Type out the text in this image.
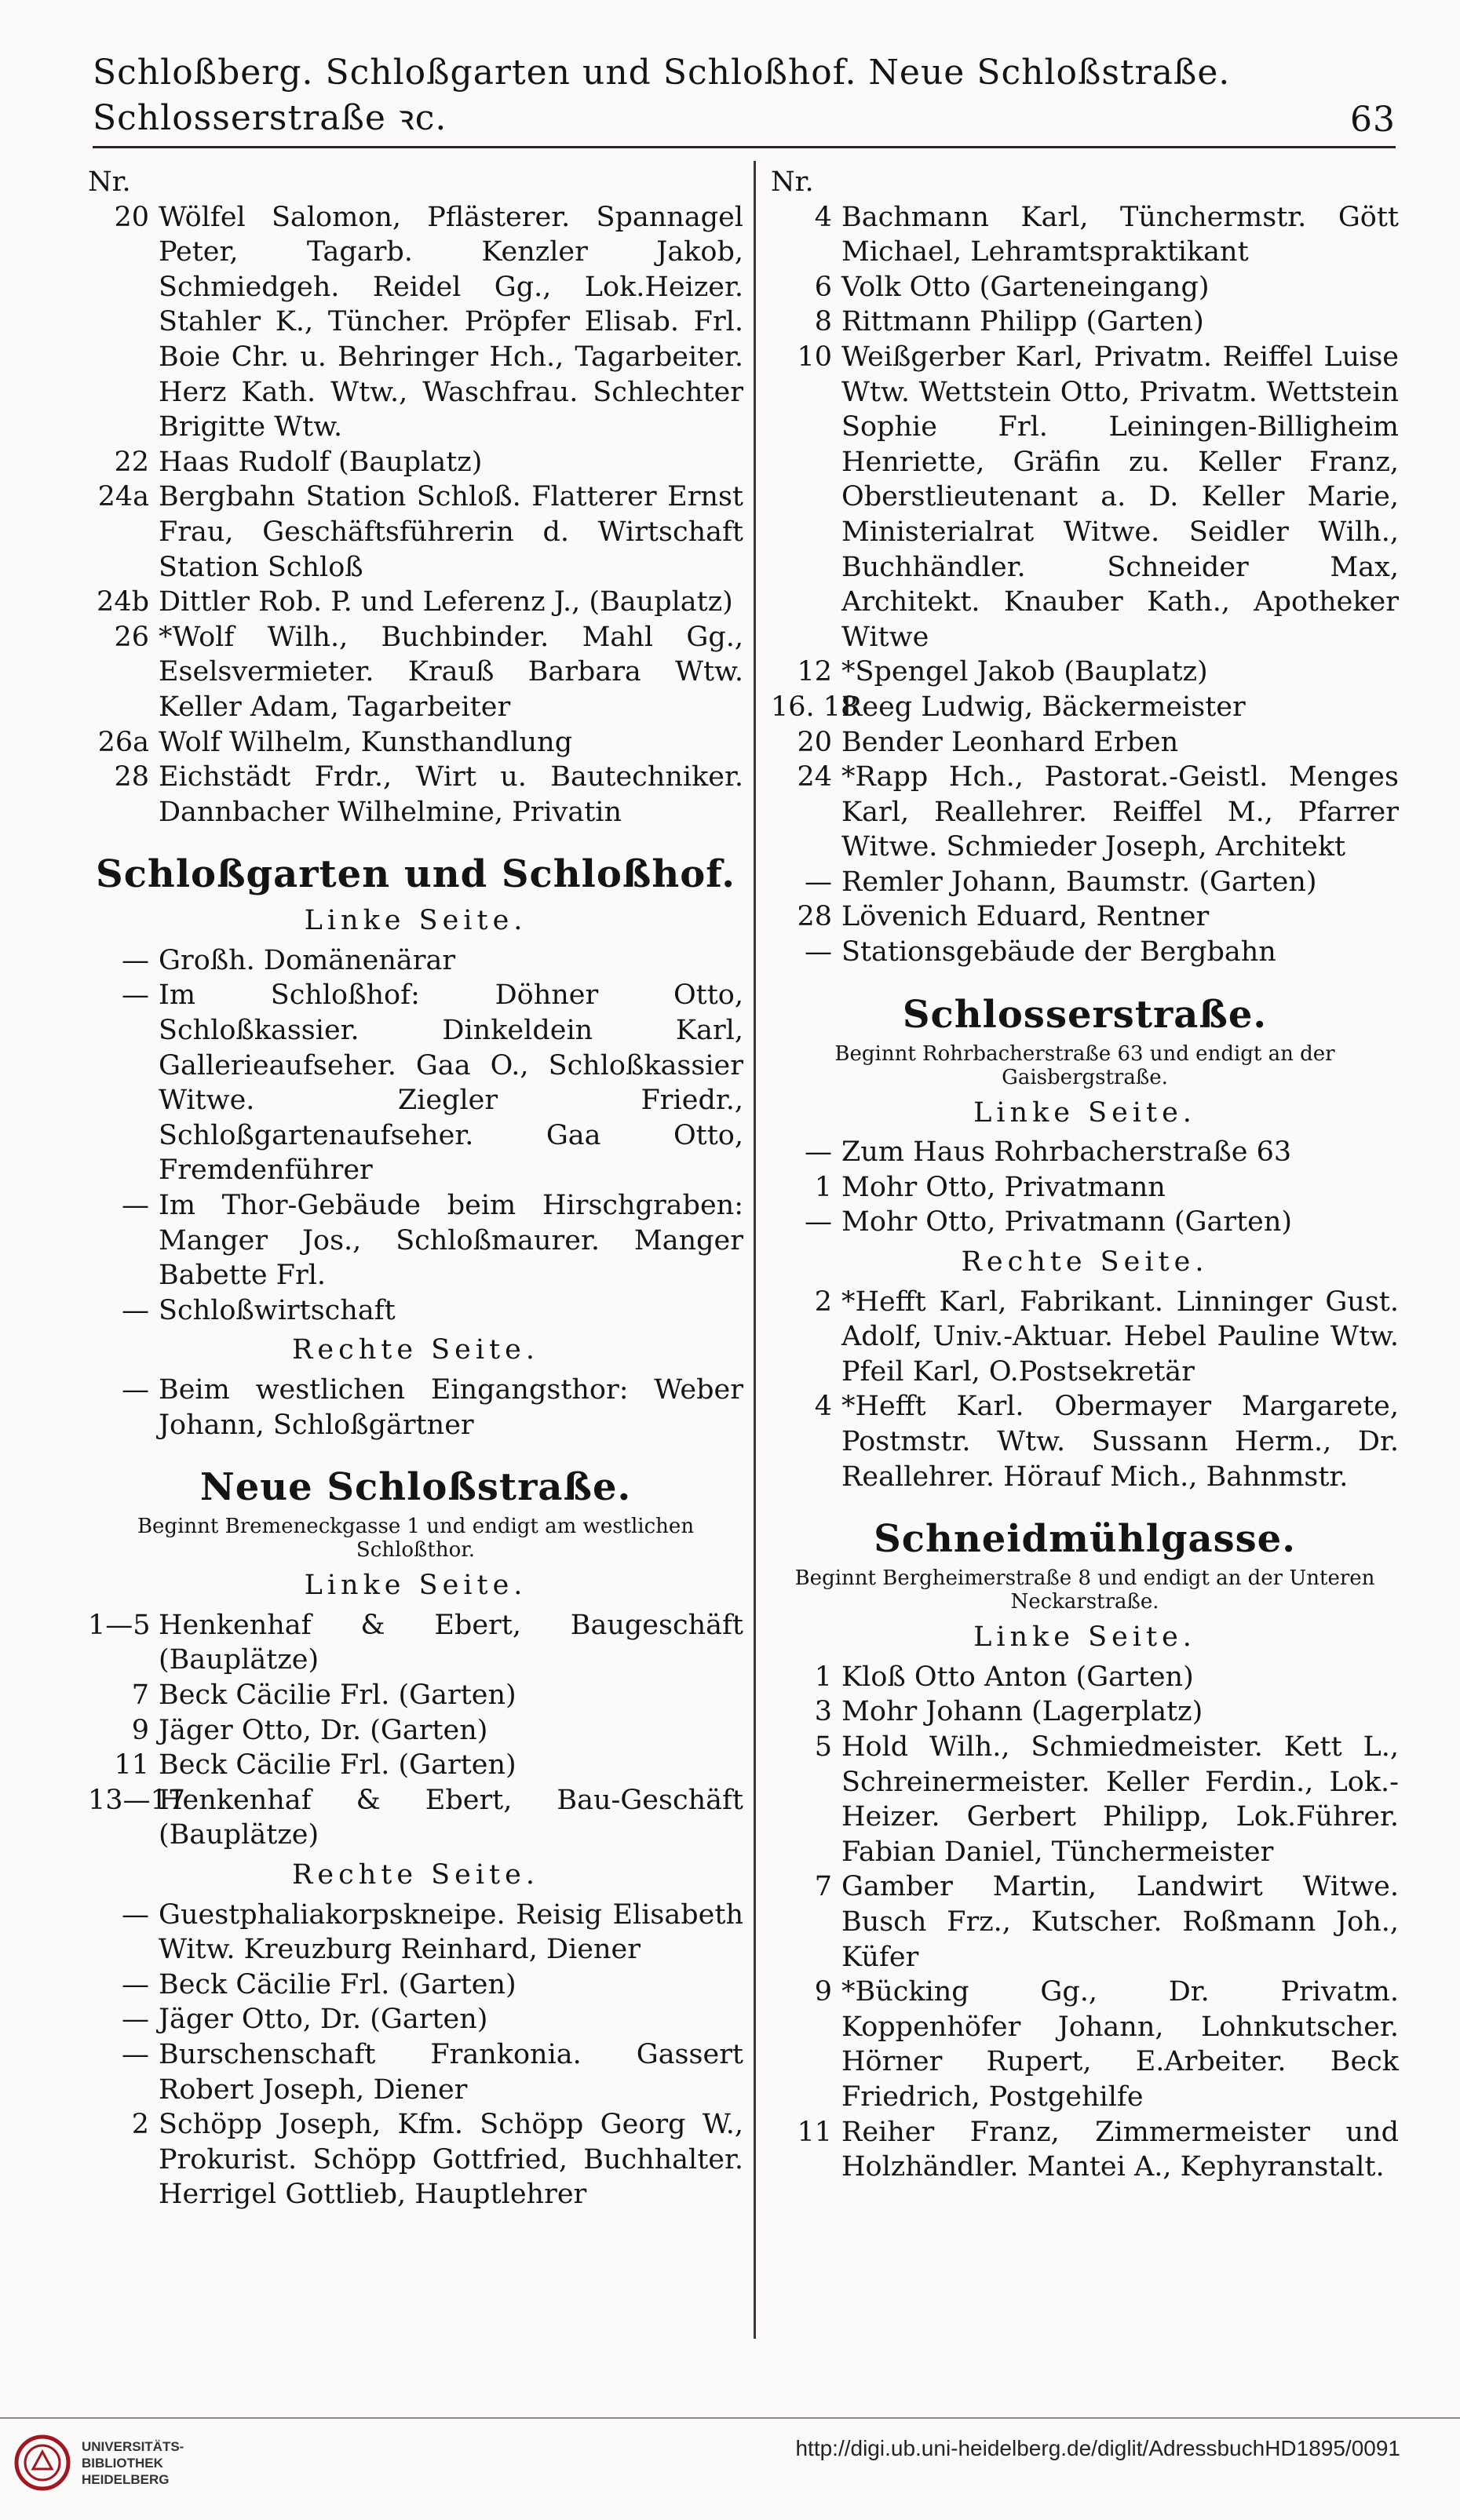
Schloßberg. Schloßgarten und Schloßhof. Neue Schloßstraße. Schlosserstraße ꝛc.	63
Nr.
20 Wölfel Salomon, Pflästerer. Spannagel Peter, Tagarb. Kenzler Jakob, Schmiedgeh. Reidel Gg., Lok.Heizer. Stahler K., Tüncher. Pröpfer Elisab. Frl. Boie Chr. u. Behringer Hch., Tagarbeiter. Herz Kath. Wtw., Waschfrau. Schlechter Brigitte Wtw.
22 Haas Rudolf (Bauplatz)
24a Bergbahn Station Schloß. Flatterer Ernst Frau, Geschäftsführerin d. Wirtschaft Station Schloß
24b Dittler Rob. P. und Leferenz J., (Bauplatz)
26 *Wolf Wilh., Buchbinder. Mahl Gg., Eselsvermieter. Krauß Barbara Wtw. Keller Adam, Tagarbeiter
26a Wolf Wilhelm, Kunsthandlung
28 Eichstädt Frdr., Wirt u. Bautechniker. Dannbacher Wilhelmine, Privatin
Schloßgarten und Schloßhof.
Linke Seite.
— Großh. Domänenärar
— Im Schloßhof: Döhner Otto, Schloßkassier. Dinkeldein Karl, Gallerieaufseher. Gaa O., Schloßkassier Witwe. Ziegler Friedr., Schloßgartenaufseher. Gaa Otto, Fremdenführer
— Im Thor-Gebäude beim Hirschgraben: Manger Jos., Schloßmaurer. Manger Babette Frl.
— Schloßwirtschaft
Rechte Seite.
— Beim westlichen Eingangsthor: Weber Johann, Schloßgärtner
Neue Schloßstraße.
Beginnt Bremeneckgasse 1 und endigt am westlichen Schloßthor.
Linke Seite.
1—5 Henkenhaf & Ebert, Baugeschäft (Bauplätze)
7 Beck Cäcilie Frl. (Garten)
9 Jäger Otto, Dr. (Garten)
11 Beck Cäcilie Frl. (Garten)
13—17
Henkenhaf & Ebert, Bau-Geschäft (Bauplätze)
Rechte Seite.
— Guestphaliakorpskneipe. Reisig Elisabeth Witw. Kreuzburg Reinhard, Diener
— Beck Cäcilie Frl. (Garten)
— Jäger Otto, Dr. (Garten)
— Burschenschaft Frankonia. Gassert Robert Joseph, Diener
2 Schöpp Joseph, Kfm. Schöpp Georg W., Prokurist. Schöpp Gottfried, Buchhalter. Herrigel Gottlieb, Hauptlehrer
Nr.
4 Bachmann Karl, Tünchermstr. Gött Michael, Lehramtspraktikant
6 Volk Otto (Garteneingang)
8 Rittmann Philipp (Garten)
10 Weißgerber Karl, Privatm. Reiffel Luise Wtw. Wettstein Otto, Privatm. Wettstein Sophie Frl. Leiningen-Billigheim Henriette, Gräfin zu. Keller Franz, Oberstlieutenant a. D. Keller Marie, Ministerialrat Witwe. Seidler Wilh., Buchhändler. Schneider Max, Architekt. Knauber Kath., Apotheker Witwe
12 *Spengel Jakob (Bauplatz)
16. 18
Reeg Ludwig, Bäckermeister
20 Bender Leonhard Erben
24 *Rapp Hch., Pastorat.-Geistl. Menges Karl, Reallehrer. Reiffel M., Pfarrer Witwe. Schmieder Joseph, Architekt
— Remler Johann, Baumstr. (Garten)
28 Lövenich Eduard, Rentner
— Stationsgebäude der Bergbahn
Schlosserstraße.
Beginnt Rohrbacherstraße 63 und endigt an der Gaisbergstraße.
Linke Seite.
— Zum Haus Rohrbacherstraße 63
1 Mohr Otto, Privatmann
— Mohr Otto, Privatmann (Garten)
Rechte Seite.
2 *Hefft Karl, Fabrikant. Linninger Gust. Adolf, Univ.-Aktuar. Hebel Pauline Wtw. Pfeil Karl, O.Postsekretär
4 *Hefft Karl. Obermayer Margarete, Postmstr. Wtw. Sussann Herm., Dr. Reallehrer. Hörauf Mich., Bahnmstr.
Schneidmühlgasse.
Beginnt Bergheimerstraße 8 und endigt an der Unteren Neckarstraße.
Linke Seite.
1 Kloß Otto Anton (Garten)
3 Mohr Johann (Lagerplatz)
5 Hold Wilh., Schmiedmeister. Kett L., Schreinermeister. Keller Ferdin., Lok.-Heizer. Gerbert Philipp, Lok.Führer. Fabian Daniel, Tünchermeister
7 Gamber Martin, Landwirt Witwe. Busch Frz., Kutscher. Roßmann Joh., Küfer
9 *Bücking Gg., Dr. Privatm. Koppenhöfer Johann, Lohnkutscher. Hörner Rupert, E.Arbeiter. Beck Friedrich, Postgehilfe
11 Reiher Franz, Zimmermeister und Holzhändler. Mantei A., Kephyranstalt.
UNIVERSITÄTS-
BIBLIOTHEK
HEIDELBERG
http://digi.ub.uni-heidelberg.de/diglit/AdressbuchHD1895/0091
